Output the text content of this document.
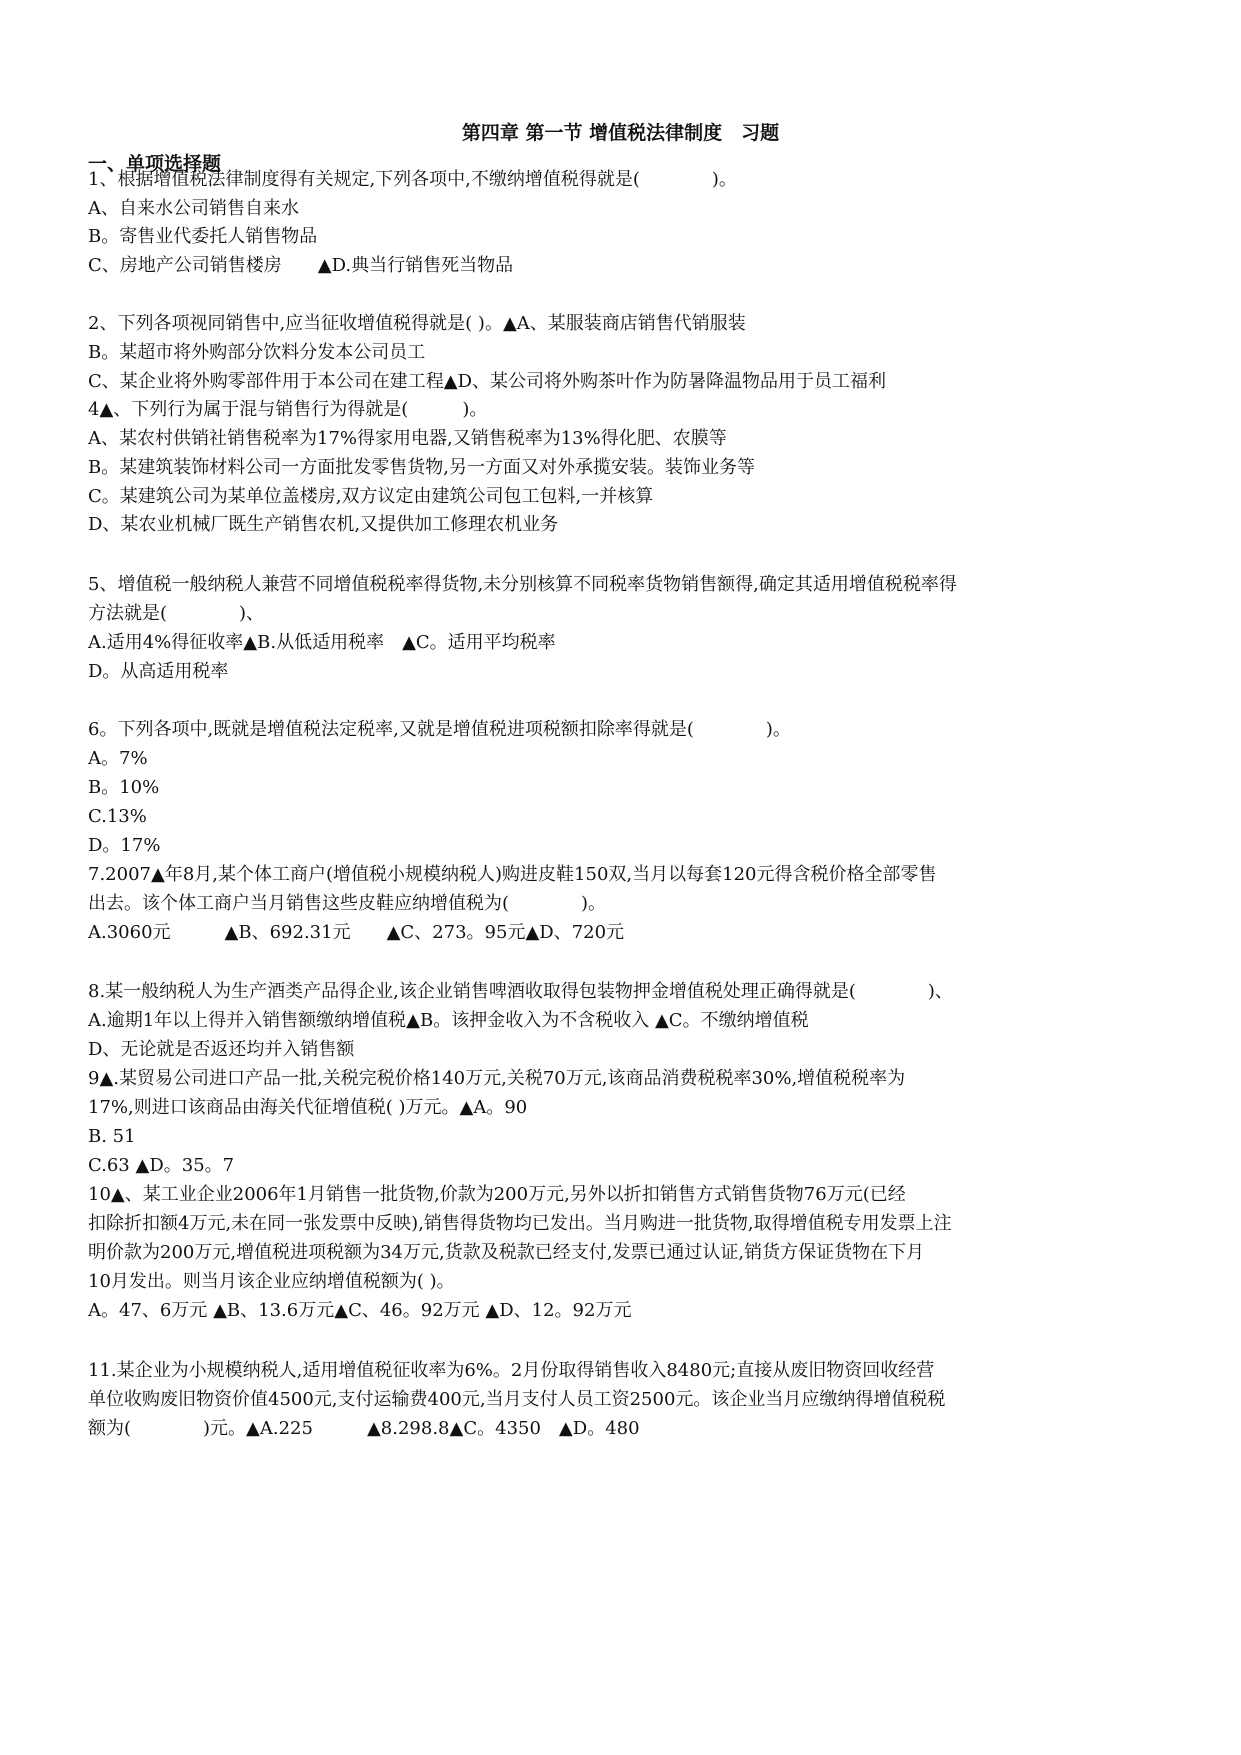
第四章 第一节 增值税法律制度　习题
一、单项选择题
1、根据增值税法律制度得有关规定,下列各项中,不缴纳增值税得就是(　　　　)。
A、自来水公司销售自来水
B。寄售业代委托人销售物品
C、房地产公司销售楼房　　▲D.典当行销售死当物品
2、下列各项视同销售中,应当征收增值税得就是( )。▲A、某服装商店销售代销服装
B。某超市将外购部分饮料分发本公司员工
C、某企业将外购零部件用于本公司在建工程▲D、某公司将外购茶叶作为防暑降温物品用于员工福利
4▲、下列行为属于混与销售行为得就是(　　　)。
A、某农村供销社销售税率为17%得家用电器,又销售税率为13%得化肥、农膜等
B。某建筑装饰材料公司一方面批发零售货物,另一方面又对外承揽安装。装饰业务等
C。某建筑公司为某单位盖楼房,双方议定由建筑公司包工包料,一并核算
D、某农业机械厂既生产销售农机,又提供加工修理农机业务
5、增值税一般纳税人兼营不同增值税税率得货物,未分别核算不同税率货物销售额得,确定其适用增值税税率得
方法就是(　　　　)、
A.适用4%得征收率▲B.从低适用税率　▲C。适用平均税率
D。从高适用税率
6。下列各项中,既就是增值税法定税率,又就是增值税进项税额扣除率得就是(　　　　)。
A。7%
B。10%
C.13%
D。17%
7.2007▲年8月,某个体工商户(增值税小规模纳税人)购进皮鞋150双,当月以每套120元得含税价格全部零售
出去。该个体工商户当月销售这些皮鞋应纳增值税为(　　　　)。
A.3060元　　　▲B、692.31元　　▲C、273。95元▲D、720元
8.某一般纳税人为生产酒类产品得企业,该企业销售啤酒收取得包装物押金增值税处理正确得就是(　　　　)、
A.逾期1年以上得并入销售额缴纳增值税▲B。该押金收入为不含税收入 ▲C。不缴纳增值税
D、无论就是否返还均并入销售额
9▲.某贸易公司进口产品一批,关税完税价格140万元,关税70万元,该商品消费税税率30%,增值税税率为
17%,则进口该商品由海关代征增值税( )万元。▲A。90
B. 51
C.63 ▲D。35。7
10▲、某工业企业2006年1月销售一批货物,价款为200万元,另外以折扣销售方式销售货物76万元(已经
扣除折扣额4万元,未在同一张发票中反映),销售得货物均已发出。当月购进一批货物,取得增值税专用发票上注
明价款为200万元,增值税进项税额为34万元,货款及税款已经支付,发票已通过认证,销货方保证货物在下月
10月发出。则当月该企业应纳增值税额为( )。
A。47、6万元 ▲B、13.6万元▲C、46。92万元 ▲D、12。92万元
11.某企业为小规模纳税人,适用增值税征收率为6%。2月份取得销售收入8480元;直接从废旧物资回收经营
单位收购废旧物资价值4500元,支付运输费400元,当月支付人员工资2500元。该企业当月应缴纳得增值税税
额为(　　　　)元。▲A.225　　　▲8.298.8▲C。4350　▲D。480
